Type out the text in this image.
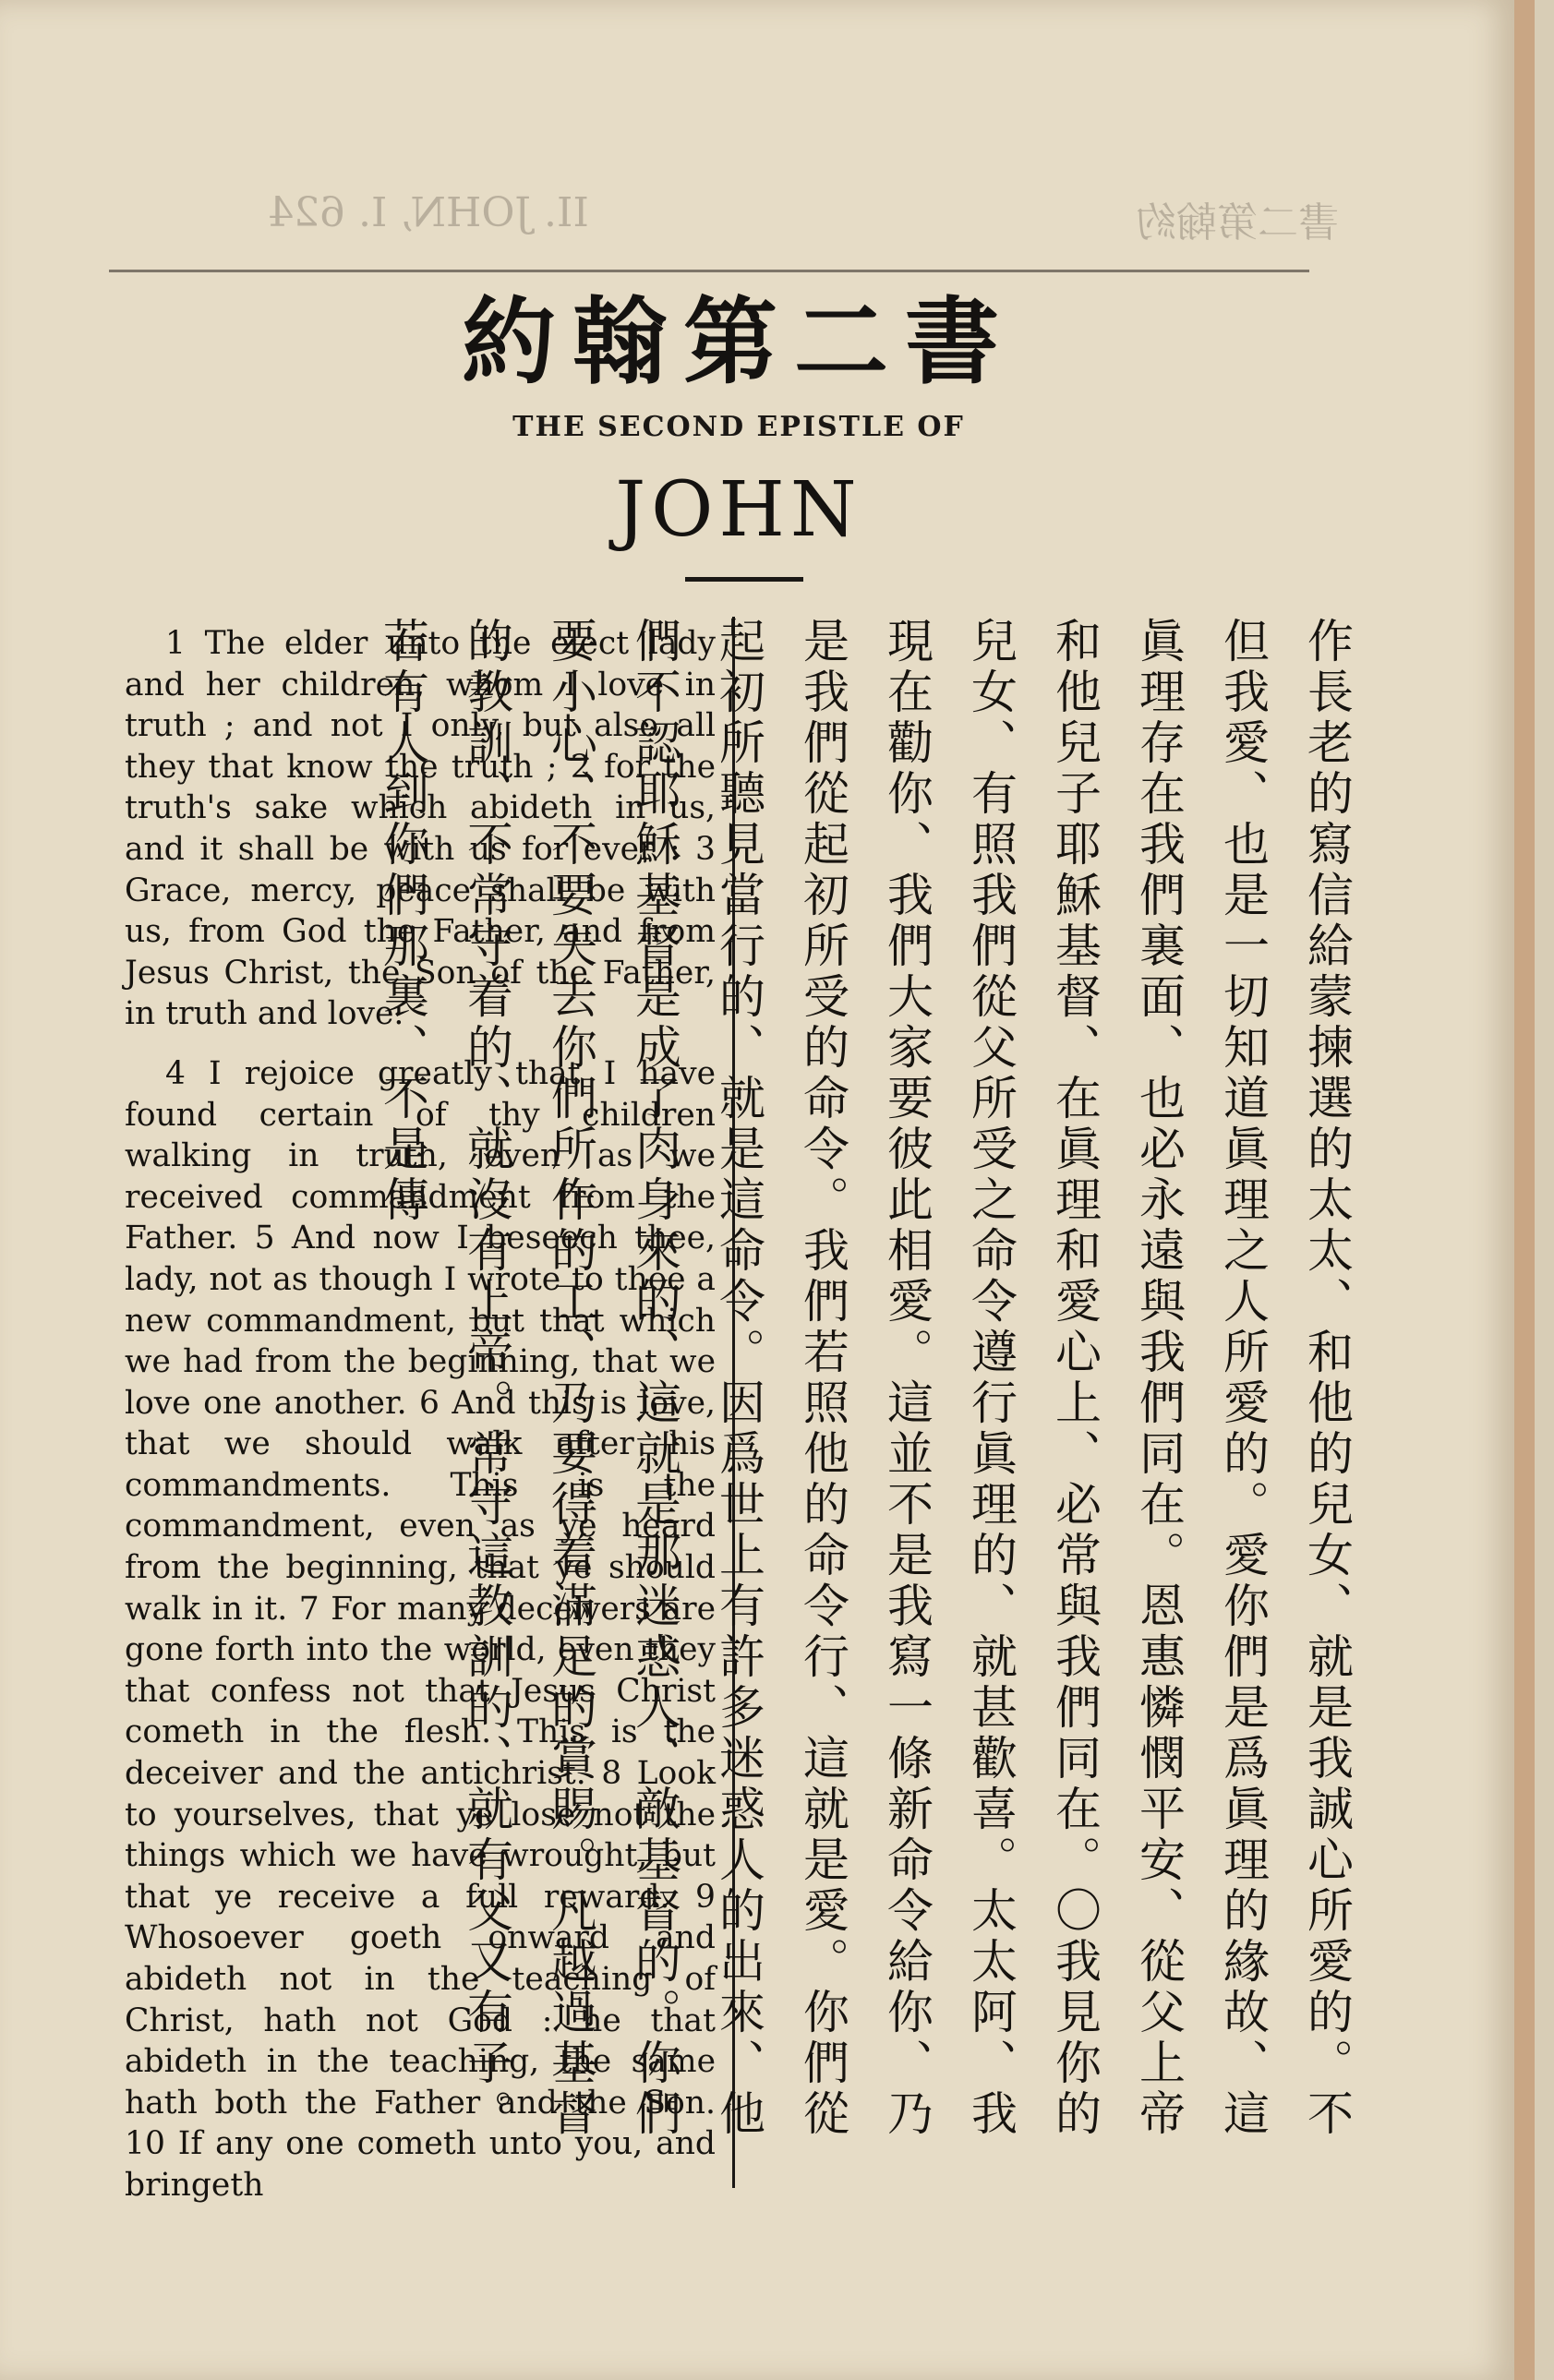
書二第翰約
II. JOHN, I. 624
約翰第二書
THE SECOND EPISTLE OF
JOHN

1 The elder unto the elect lady and her children, whom I love in truth ; and not I only, but also all they that know the truth ; 2 for the truth's sake which abideth in us, and it shall be with us for ever : 3 Grace, mercy, peace shall be with us, from God the Father, and from Jesus Christ, the Son of the Father, in truth and love.

4 I rejoice greatly that I have found certain of thy children walking in truth, even as we received commandment from the Father. 5 And now I beseech thee, lady, not as though I wrote to thee a new commandment, but that which we had from the beginning, that we love one another. 6 And this is love, that we should walk after his commandments. This is the commandment, even as ye heard from the beginning, that ye should walk in it. 7 For many deceivers are gone forth into the world, even they that confess not that Jesus Christ cometh in the flesh. This is the deceiver and the antichrist. 8 Look to yourselves, that ye lose not the things which we have wrought, but that ye receive a full reward. 9 Whosoever goeth onward and abideth not in the teaching of Christ, hath not God : he that abideth in the teaching, the same hath both the Father and the Son. 10 If any one cometh unto you, and bringeth

作長老的寫信給蒙揀選的太太、和他的兒女、就是我誠心所愛的。不但我愛、也是一切知道眞理之人所愛的。愛你們是爲眞理的緣故、這眞理存在我們裏面、也必永遠與我們同在。恩惠憐憫平安、從父上帝和他兒子耶穌基督、在眞理和愛心上、必常與我們同在。〇我見你的兒女、有照我們從父所受之命令遵行眞理的、就甚歡喜。太太阿、我現在勸你、我們大家要彼此相愛。這並不是我寫一條新命令給你、乃是我們從起初所受的命令。我們若照他的命令行、這就是愛。你們從起初所聽見當行的、就是這命令。因爲世上有許多迷惑人的出來、他們不認耶穌基督是成了肉身來的、這就是那迷惑人、敵基督的。你們要小心、不要失去你們所作的工、乃要得着滿足的賞賜。凡越過基督的教訓、不常守着的、就沒有上帝。常守這教訓的、就有父又有子。若有人到你們那裏、不是傳
